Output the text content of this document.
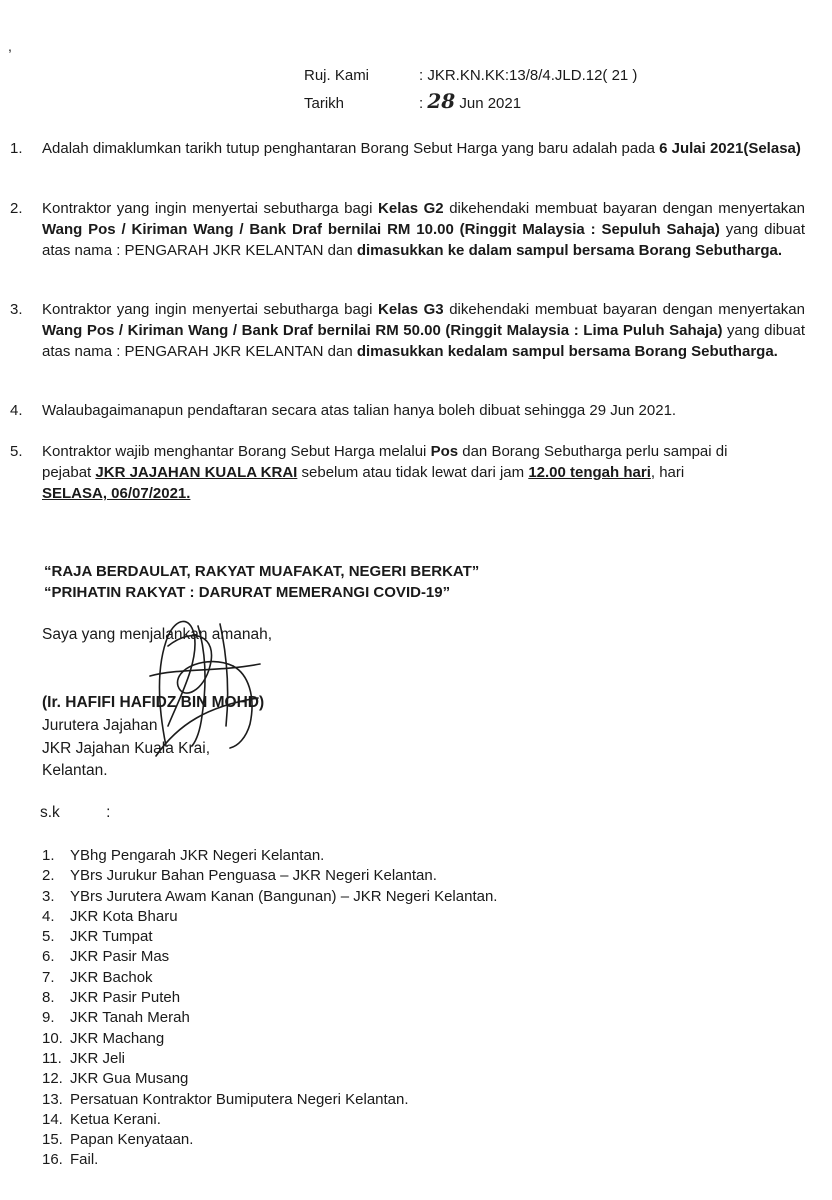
,
Ruj. Kami	: JKR.KN.KK:13/8/4.JLD.12( 21 )
Tarikh	: 28 Jun 2021
1. Adalah dimaklumkan tarikh tutup penghantaran Borang Sebut Harga yang baru adalah pada 6 Julai 2021(Selasa)
2. Kontraktor yang ingin menyertai sebutharga bagi Kelas G2 dikehendaki membuat bayaran dengan menyertakan Wang Pos / Kiriman Wang / Bank Draf bernilai RM 10.00 (Ringgit Malaysia : Sepuluh Sahaja) yang dibuat atas nama : PENGARAH JKR KELANTAN dan dimasukkan ke dalam sampul bersama Borang Sebutharga.
3. Kontraktor yang ingin menyertai sebutharga bagi Kelas G3 dikehendaki membuat bayaran dengan menyertakan Wang Pos / Kiriman Wang / Bank Draf bernilai RM 50.00 (Ringgit Malaysia : Lima Puluh Sahaja) yang dibuat atas nama : PENGARAH JKR KELANTAN dan dimasukkan kedalam sampul bersama Borang Sebutharga.
4. Walaubagaimanapun pendaftaran secara atas talian hanya boleh dibuat sehingga 29 Jun 2021.
5. Kontraktor wajib menghantar Borang Sebut Harga melalui Pos dan Borang Sebutharga perlu sampai di pejabat JKR JAJAHAN KUALA KRAI sebelum atau tidak lewat dari jam 12.00 tengah hari, hari SELASA, 06/07/2021.
“RAJA BERDAULAT, RAKYAT MUAFAKAT, NEGERI BERKAT”
“PRIHATIN RAKYAT : DARURAT MEMERANGI COVID-19”
Saya yang menjalankan amanah,
(Ir. HAFIFI HAFIDZ BIN MOHD)
Jurutera Jajahan
JKR Jajahan Kuala Krai,
Kelantan.
s.k	:
1. YBhg Pengarah JKR Negeri Kelantan.
2. YBrs Jurukur Bahan Penguasa – JKR Negeri Kelantan.
3. YBrs Jurutera Awam Kanan (Bangunan) – JKR Negeri Kelantan.
4. JKR Kota Bharu
5. JKR Tumpat
6. JKR Pasir Mas
7. JKR Bachok
8. JKR Pasir Puteh
9. JKR Tanah Merah
10. JKR Machang
11. JKR Jeli
12. JKR Gua Musang
13. Persatuan Kontraktor Bumiputera Negeri Kelantan.
14. Ketua Kerani.
15. Papan Kenyataan.
16. Fail.
